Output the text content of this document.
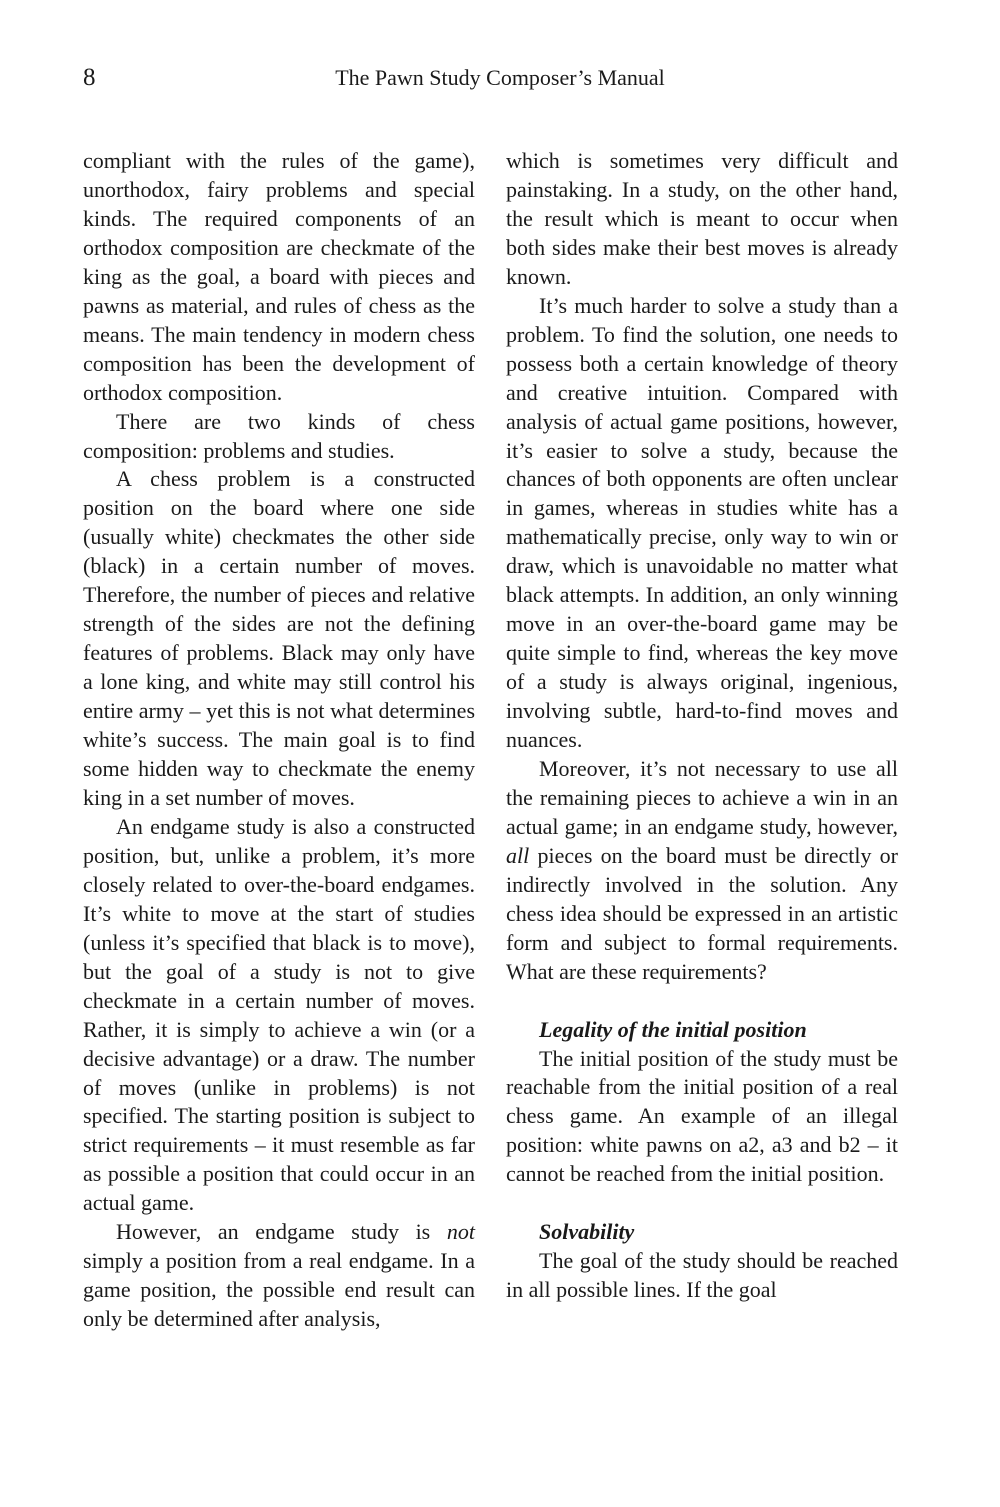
8	The Pawn Study Composer’s Manual

compliant with the rules of the game), unorthodox, fairy problems and special kinds. The required components of an orthodox composition are checkmate of the king as the goal, a board with pieces and pawns as material, and rules of chess as the means. The main tendency in modern chess composition has been the development of orthodox composition.

There are two kinds of chess composition: problems and studies.

A chess problem is a constructed position on the board where one side (usually white) checkmates the other side (black) in a certain number of moves. Therefore, the number of pieces and relative strength of the sides are not the defining features of problems. Black may only have a lone king, and white may still control his entire army – yet this is not what determines white’s success. The main goal is to find some hidden way to checkmate the enemy king in a set number of moves.

An endgame study is also a constructed position, but, unlike a problem, it’s more closely related to over-the-board endgames. It’s white to move at the start of studies (unless it’s specified that black is to move), but the goal of a study is not to give checkmate in a certain number of moves. Rather, it is simply to achieve a win (or a decisive advantage) or a draw. The number of moves (unlike in problems) is not specified. The starting position is subject to strict requirements – it must resemble as far as possible a position that could occur in an actual game.

However, an endgame study is not simply a position from a real endgame. In a game position, the possible end result can only be determined after analysis,

which is sometimes very difficult and painstaking. In a study, on the other hand, the result which is meant to occur when both sides make their best moves is already known.

It’s much harder to solve a study than a problem. To find the solution, one needs to possess both a certain knowledge of theory and creative intuition. Compared with analysis of actual game positions, however, it’s easier to solve a study, because the chances of both opponents are often unclear in games, whereas in studies white has a mathematically precise, only way to win or draw, which is unavoidable no matter what black attempts. In addition, an only winning move in an over-the-board game may be quite simple to find, whereas the key move of a study is always original, ingenious, involving subtle, hard-to-find moves and nuances.

Moreover, it’s not necessary to use all the remaining pieces to achieve a win in an actual game; in an endgame study, however, all pieces on the board must be directly or indirectly involved in the solution. Any chess idea should be expressed in an artistic form and subject to formal requirements. What are these requirements?

Legality of the initial position

The initial position of the study must be reachable from the initial position of a real chess game. An example of an illegal position: white pawns on a2, a3 and b2 – it cannot be reached from the initial position.

Solvability

The goal of the study should be reached in all possible lines. If the goal
